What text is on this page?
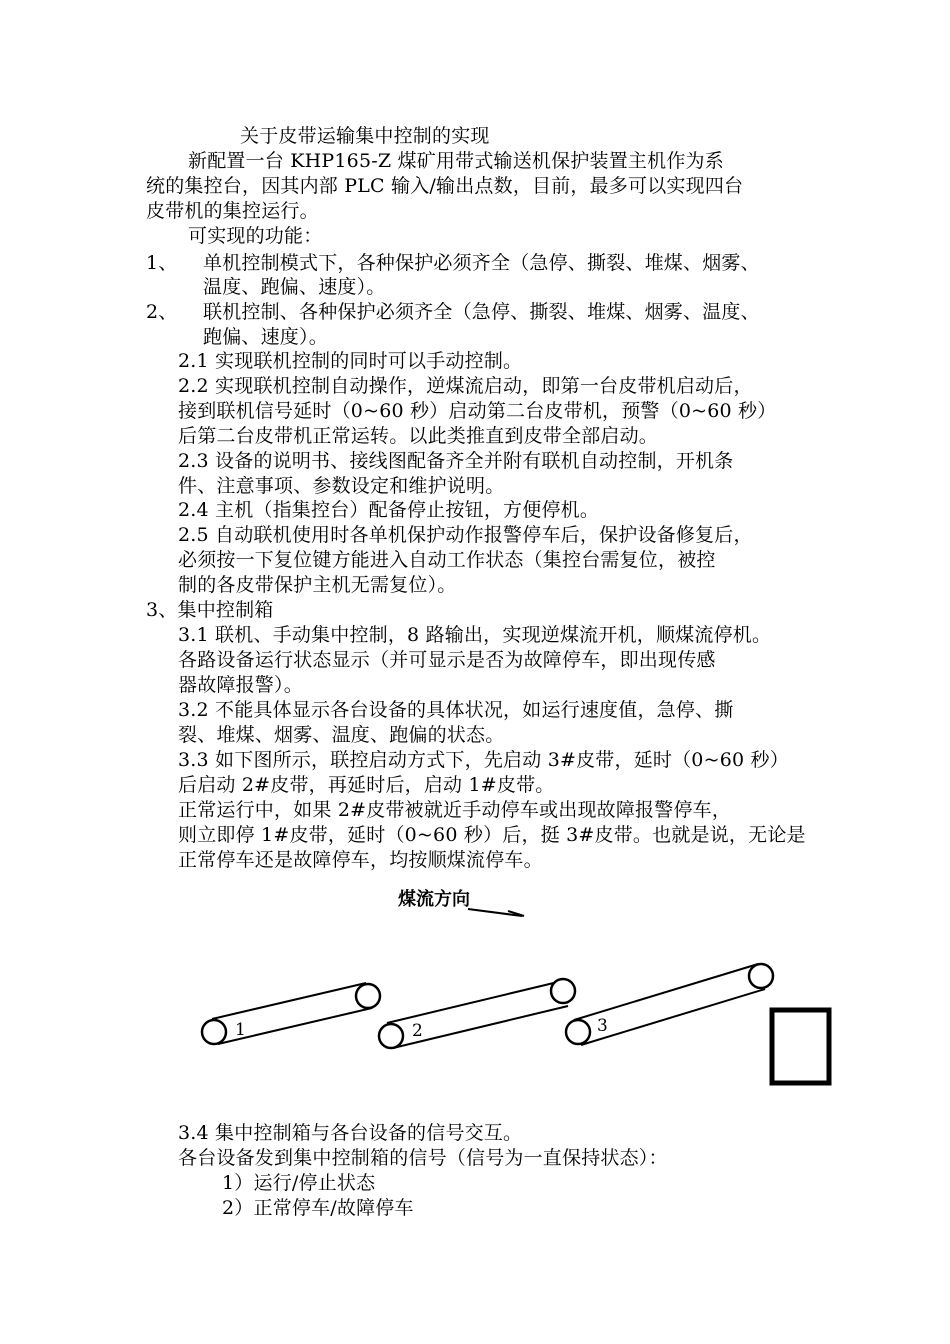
关于皮带运输集中控制的实现
新配置一台 KHP165-Z 煤矿用带式输送机保护装置主机作为系
统的集控台，因其内部 PLC 输入/输出点数，目前，最多可以实现四台
皮带机的集控运行。
可实现的功能：
1、 单机控制模式下，各种保护必须齐全（急停、撕裂、堆煤、烟雾、
温度、跑偏、速度）。
2、 联机控制、各种保护必须齐全（急停、撕裂、堆煤、烟雾、温度、
跑偏、速度）。
2.1 实现联机控制的同时可以手动控制。
2.2 实现联机控制自动操作，逆煤流启动，即第一台皮带机启动后，
接到联机信号延时（0~60 秒）启动第二台皮带机，预警（0~60 秒）
后第二台皮带机正常运转。以此类推直到皮带全部启动。
2.3 设备的说明书、接线图配备齐全并附有联机自动控制，开机条
件、注意事项、参数设定和维护说明。
2.4 主机（指集控台）配备停止按钮，方便停机。
2.5 自动联机使用时各单机保护动作报警停车后，保护设备修复后，
必须按一下复位键方能进入自动工作状态（集控台需复位，被控
制的各皮带保护主机无需复位）。
3、集中控制箱
3.1 联机、手动集中控制，8 路输出，实现逆煤流开机，顺煤流停机。
各路设备运行状态显示（并可显示是否为故障停车，即出现传感
器故障报警）。
3.2 不能具体显示各台设备的具体状况，如运行速度值，急停、撕
裂、堆煤、烟雾、温度、跑偏的状态。
3.3 如下图所示，联控启动方式下，先启动 3#皮带，延时（0~60 秒）
后启动 2#皮带，再延时后，启动 1#皮带。
正常运行中，如果 2#皮带被就近手动停车或出现故障报警停车，
则立即停 1#皮带，延时（0~60 秒）后，挺 3#皮带。也就是说，无论是
正常停车还是故障停车，均按顺煤流停车。
煤流方向
1	2	3
3.4 集中控制箱与各台设备的信号交互。
各台设备发到集中控制箱的信号（信号为一直保持状态）：
1）运行/停止状态
2）正常停车/故障停车
